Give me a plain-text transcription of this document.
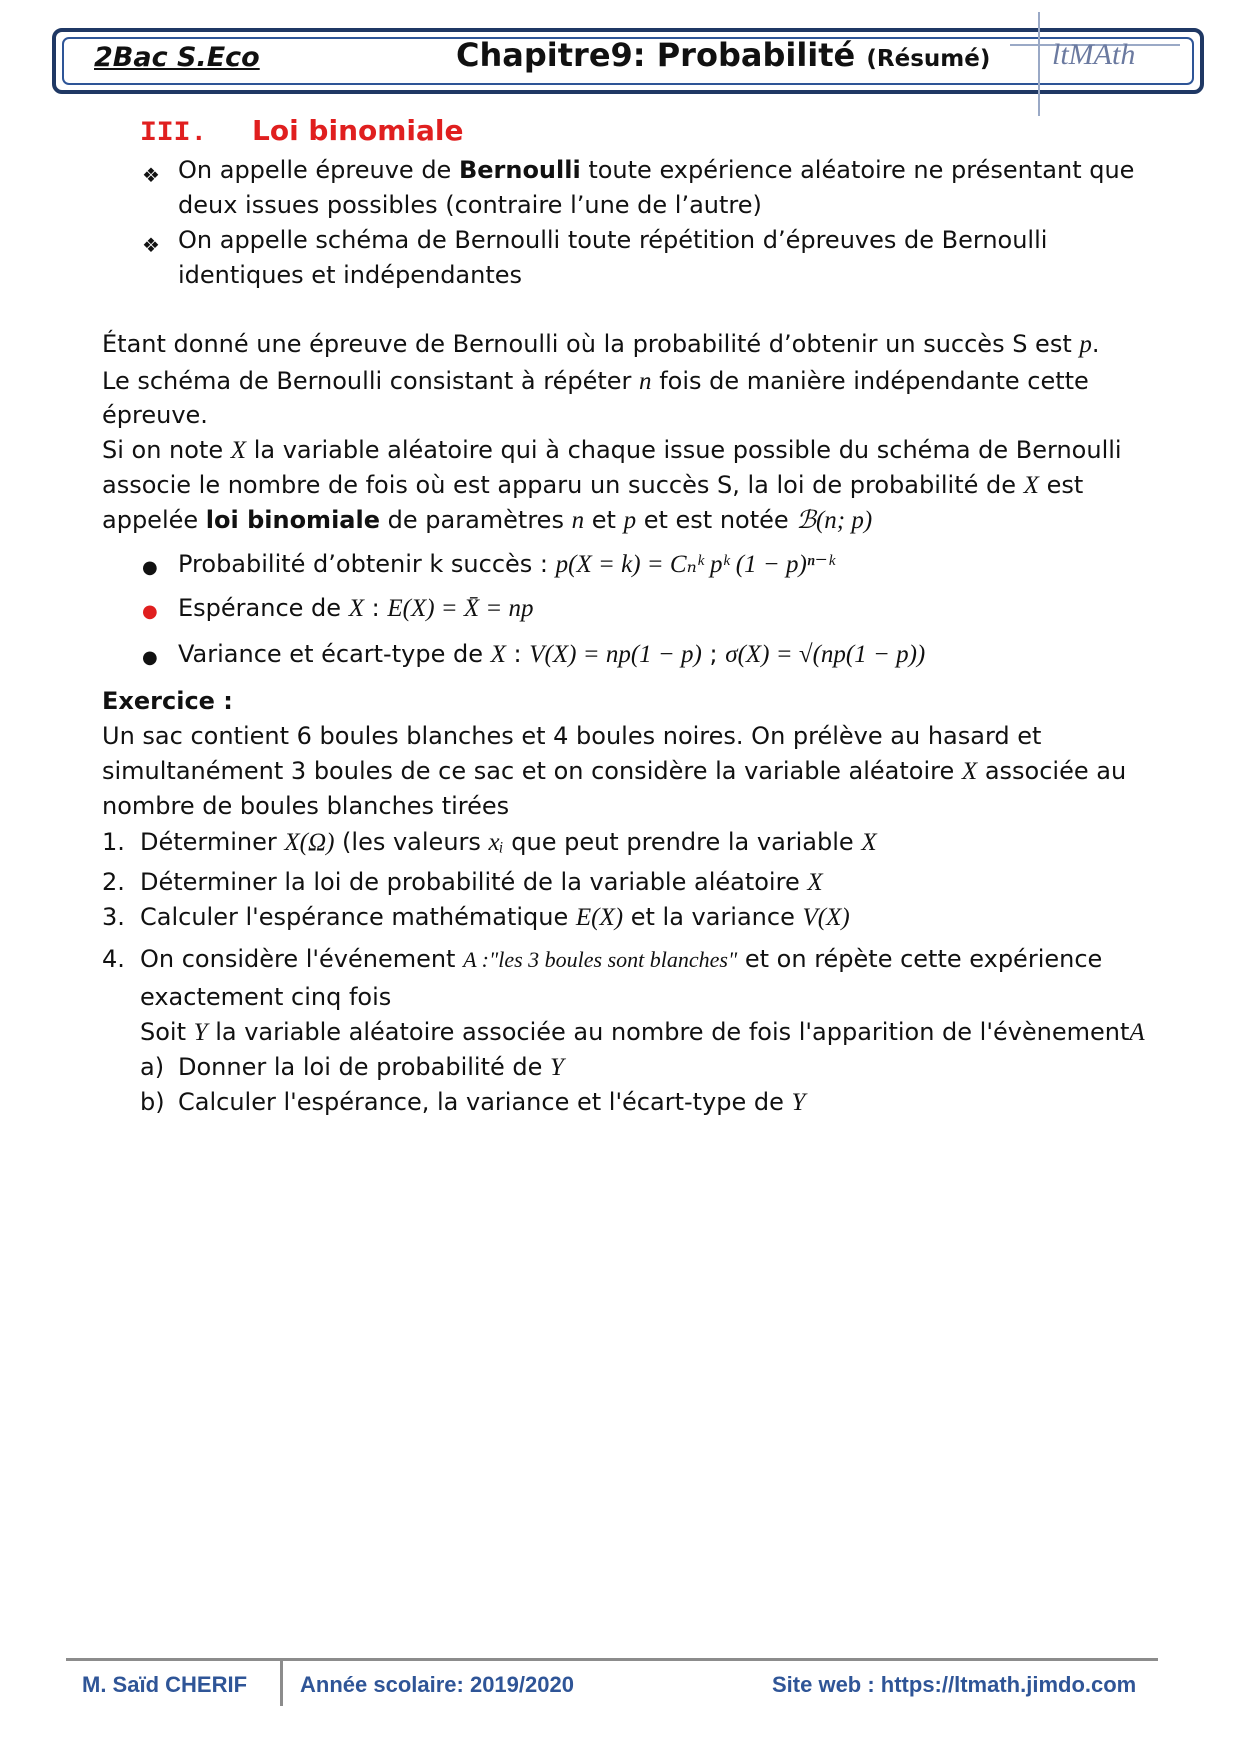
2Bac S.Eco	Chapitre9: Probabilité (Résumé) ltMAth
III. Loi binomiale
❖ On appelle épreuve de Bernoulli toute expérience aléatoire ne présentant que
deux issues possibles (contraire l’une de l’autre)
❖ On appelle schéma de Bernoulli toute répétition d’épreuves de Bernoulli
identiques et indépendantes
Étant donné une épreuve de Bernoulli où la probabilité d’obtenir un succès S est p.
Le schéma de Bernoulli consistant à répéter n fois de manière indépendante cette
épreuve.
Si on note X la variable aléatoire qui à chaque issue possible du schéma de Bernoulli
associe le nombre de fois où est apparu un succès S, la loi de probabilité de X est
appelée loi binomiale de paramètres n et p et est notée ℬ(n; p)
● Probabilité d’obtenir k succès : p(X = k) = Cₙᵏ pᵏ (1 − p)ⁿ⁻ᵏ
● Espérance de X : E(X) = X̄ = np
● Variance et écart-type de X : V(X) = np(1 − p) ; σ(X) = √(np(1 − p))
Exercice :
Un sac contient 6 boules blanches et 4 boules noires. On prélève au hasard et
simultanément 3 boules de ce sac et on considère la variable aléatoire X associée au
nombre de boules blanches tirées
1. Déterminer X(Ω) (les valeurs xᵢ que peut prendre la variable X
2. Déterminer la loi de probabilité de la variable aléatoire X
3. Calculer l'espérance mathématique E(X) et la variance V(X)
4. On considère l'événement A :"les 3 boules sont blanches" et on répète cette expérience
exactement cinq fois
Soit Y la variable aléatoire associée au nombre de fois l'apparition de l'évènementA
a) Donner la loi de probabilité de Y
b) Calculer l'espérance, la variance et l'écart-type de Y
M. Saïd CHERIF Année scolaire: 2019/2020	Site web : https://ltmath.jimdo.com
